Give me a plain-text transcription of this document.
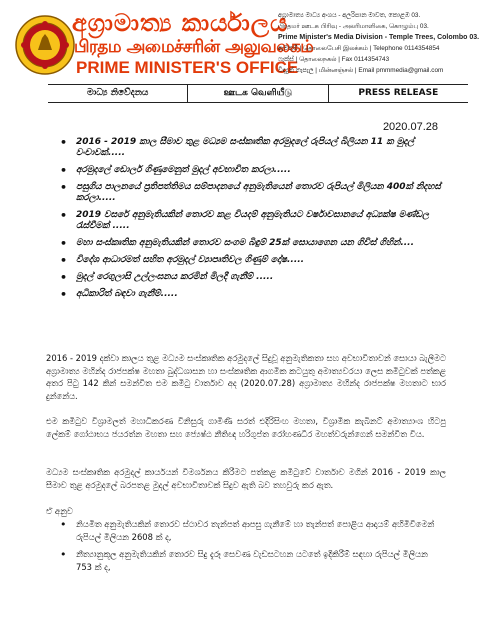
අග්‍රාමාත්‍ය කාර්යාලය
பிரதம அமைச்சரின் அலுவலகம்
PRIME MINISTER'S OFFICE
අග්‍රාමාත්‍ය මාධ්‍ය අංශය - අලරිපාන මාවත, කොළඹ 03.
பிரதமர் ஊடக பிரிவு - அலரிமாளிகை, கொழும்பு 03.
Prime Minister's Media Division - Temple Trees, Colombo 03.
ඇමතුම් | தொலைபேசி இலக்கம் | Telephone 0114354854
ෆැක්ස් | தொலைநகல் | Fax 0114354743
විද්‍යුත් තැපැල | மின்னஞ்சல் | Email pmmmedia@gmail.com
මාධ්‍ය නිවේදනය	ஊடக வெளியீடு	PRESS RELEASE
2020.07.28
• 2016 - 2019 කාල සීමාව තුළ මධ්‍යම සංස්කෘතික අරමුදලේ රුපියල් බිලියන 11 ක මුදල් වංචාවක්.....
• අරමුදලේ ඩොලර් ගිණුමෙනුත් මුදල් අවභාවිත කරලා.....
• පසුගිය පාලනයේ ප්‍රතිපත්තිමය සම්පාදනයේ අනුමැතියෙන් තොරව රුපියල් මිලියන 400ක් නිදහස් කරලා.....
• 2019 වසරේ අනුමැතියකින් තොරව කළ වියදම් අනුමැතියට වර්ෂාවසානයේ අධ්‍යක්ෂ මණ්ඩල රැස්වීමක් .....
• මහා සංස්කෘතික අනුමැතියකින් තොරව සංගම බිඳුම් 25ක් සොයාගෙන යන ගිවිස් ගිහින්....
• විදේශ ආධාරමත් සහිත අරමුදල් ව්‍යාපෘතිවල ගිණුම් දෝෂ.....
• මුදල් රෙගුලාසි උල්ලංඝනය කරමින් මිලදී ගැනීම් .....
• අධිකාරිත් බඳවා ගැනීම්.....
2016 - 2019 දක්වා කාලය තුළ මධ්‍යම සංස්කෘතික අරමුදලේ සිදුවූ අනුමැතිකතා සහ අවභාවිතාවන් සොයා බැලීමට අග්‍රාමාත්‍ය මහින්ද රාජපක්ෂ මහතා බුද්ධශාසන හා සංස්කෘතික ආගමික කටයුතු අමාත්‍යවරයා ලෙස කමිටුවක් පත්කළ අතර පිටු 142 කින් සමන්විත එම කමිටු වාර්තාව අද (2020.07.28) අග්‍රාමාත්‍ය මහින්ද රාජපක්ෂ මහතාට භාර දුන්නේය.
එම කමිටුව විශ්‍රාමලත් මහාධිකරණ විනිසුරු ගාමිණී සරත් එදිරිසිංහ මහතා, විශ්‍රාමික කැබිනට් අමාත්‍යාංශ හිටපු ලේකම් ගෝඨාභය ජයරත්න මහතා සහ ජ්‍යෙෂ්ඨ නීතිඥ හරිගුප්ත රෝහණධීර මහත්වරුන්ගෙන් සමන්විත විය.
මධ්‍යම සංස්කෘතික අරමුදල් කාර්යයන් විමර්ශනය කිරීමට පත්කළ කමිටුවේ වාර්තාව මගින් 2016 - 2019 කාල සීමාව තුළ අරමුදලේ බරපතළ මුදල් අවභාවිතාවක් සිදුව ඇති බව තහවුරු කර ඇත.
ඒ අනුව
• නියමිත අනුමැතියකින් තොරව ස්ථාවර තැන්පත් ආපසු ගැනීමේ හා තැන්පත් පොළිය ආදායම් අහිමිවීමෙන් රුපියල් මිලියන 2608 ක් ද,
• නීත්‍යානුකූල අනුමැතියකින් තොරව සිදු දැරූ සෙවණ වැඩසටහන යටතේ ඉදිකිරීම් සඳහා රුපියල් මිලියන 753 ක් ද,
